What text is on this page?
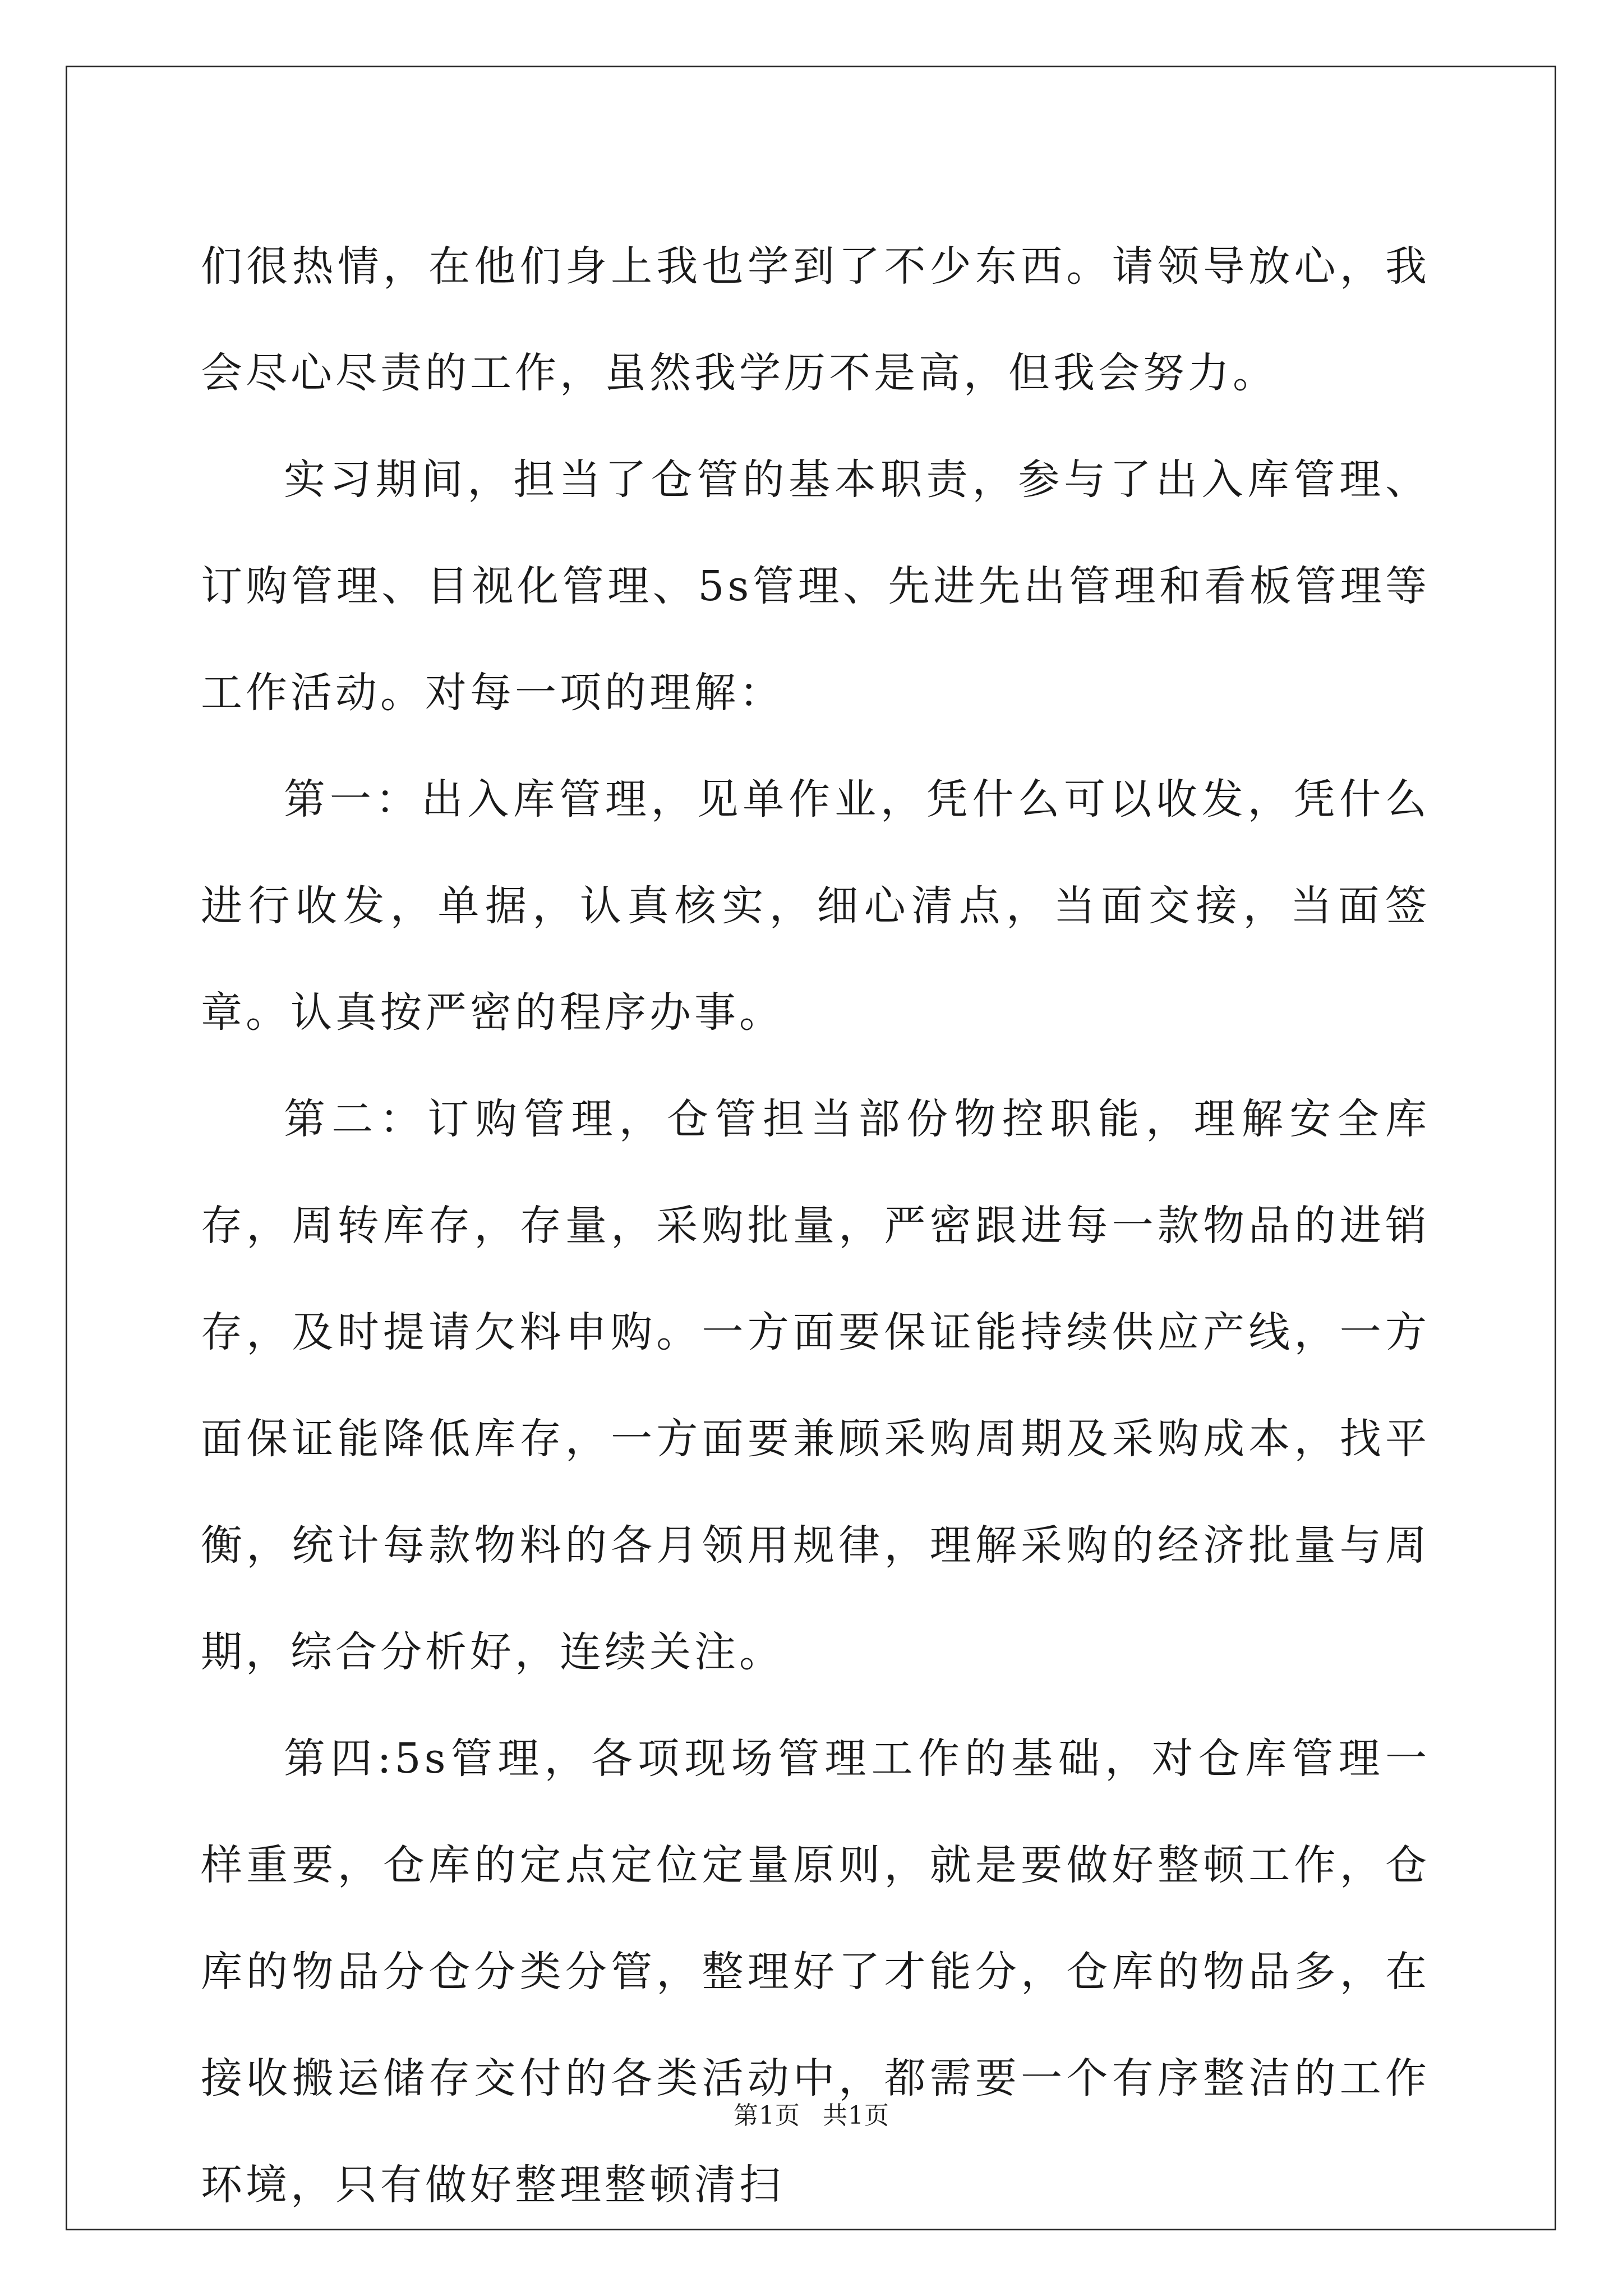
们很热情，在他们身上我也学到了不少东西。请领导放心，我会尽心尽责的工作，虽然我学历不是高，但我会努力。

实习期间，担当了仓管的基本职责，参与了出入库管理、订购管理、目视化管理、5s管理、先进先出管理和看板管理等工作活动。对每一项的理解：

第一：出入库管理，见单作业，凭什么可以收发，凭什么进行收发，单据，认真核实，细心清点，当面交接，当面签章。认真按严密的程序办事。

第二：订购管理，仓管担当部份物控职能，理解安全库存，周转库存，存量，采购批量，严密跟进每一款物品的进销存，及时提请欠料申购。一方面要保证能持续供应产线，一方面保证能降低库存，一方面要兼顾采购周期及采购成本，找平衡，统计每款物料的各月领用规律，理解采购的经济批量与周期，综合分析好，连续关注。

第四:5s管理，各项现场管理工作的基础，对仓库管理一样重要，仓库的定点定位定量原则，就是要做好整顿工作，仓库的物品分仓分类分管，整理好了才能分，仓库的物品多，在接收搬运储存交付的各类活动中，都需要一个有序整洁的工作环境，只有做好整理整顿清扫

第1页 共1页
